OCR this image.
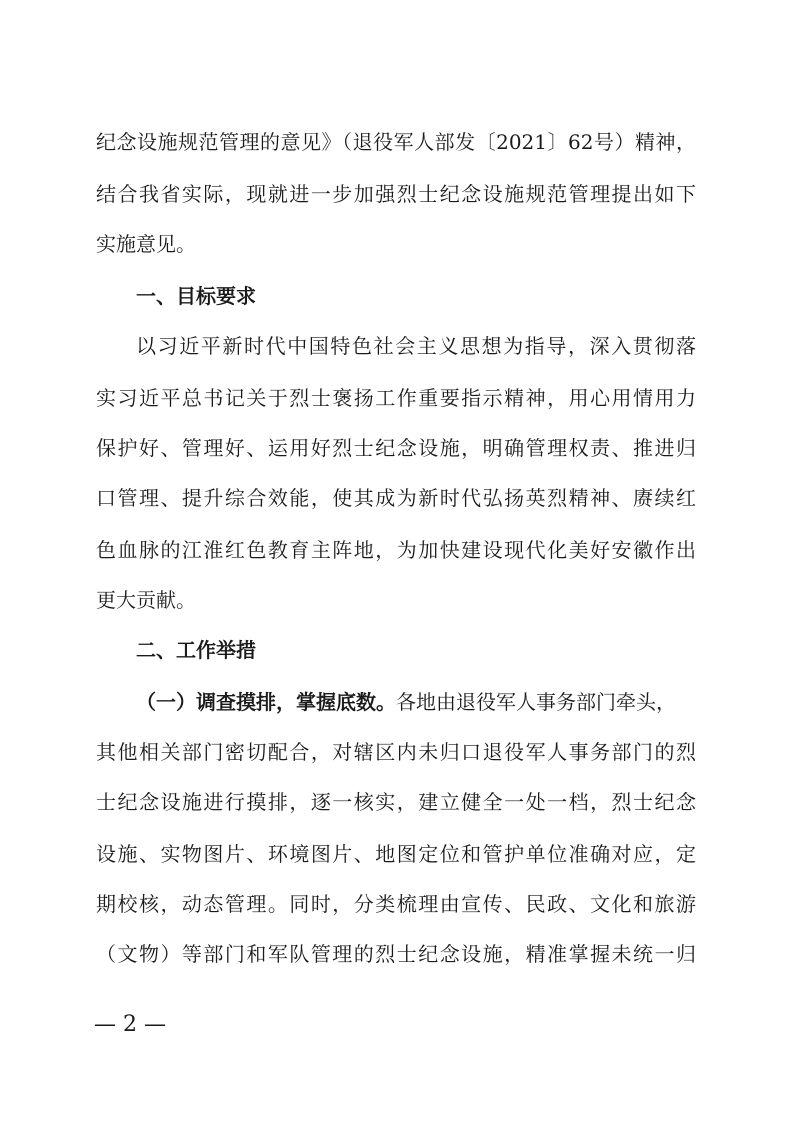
纪念设施规范管理的意见》（退役军人部发〔2021〕62号）精神，
结合我省实际，现就进一步加强烈士纪念设施规范管理提出如下
实施意见。
一、目标要求
以习近平新时代中国特色社会主义思想为指导，深入贯彻落
实习近平总书记关于烈士褒扬工作重要指示精神，用心用情用力
保护好、管理好、运用好烈士纪念设施，明确管理权责、推进归
口管理、提升综合效能，使其成为新时代弘扬英烈精神、赓续红
色血脉的江淮红色教育主阵地，为加快建设现代化美好安徽作出
更大贡献。
二、工作举措
（一）调查摸排，掌握底数。各地由退役军人事务部门牵头，
其他相关部门密切配合，对辖区内未归口退役军人事务部门的烈
士纪念设施进行摸排，逐一核实，建立健全一处一档，烈士纪念
设施、实物图片、环境图片、地图定位和管护单位准确对应，定
期校核，动态管理。同时，分类梳理由宣传、民政、文化和旅游
（文物）等部门和军队管理的烈士纪念设施，精准掌握未统一归
— 2 —
